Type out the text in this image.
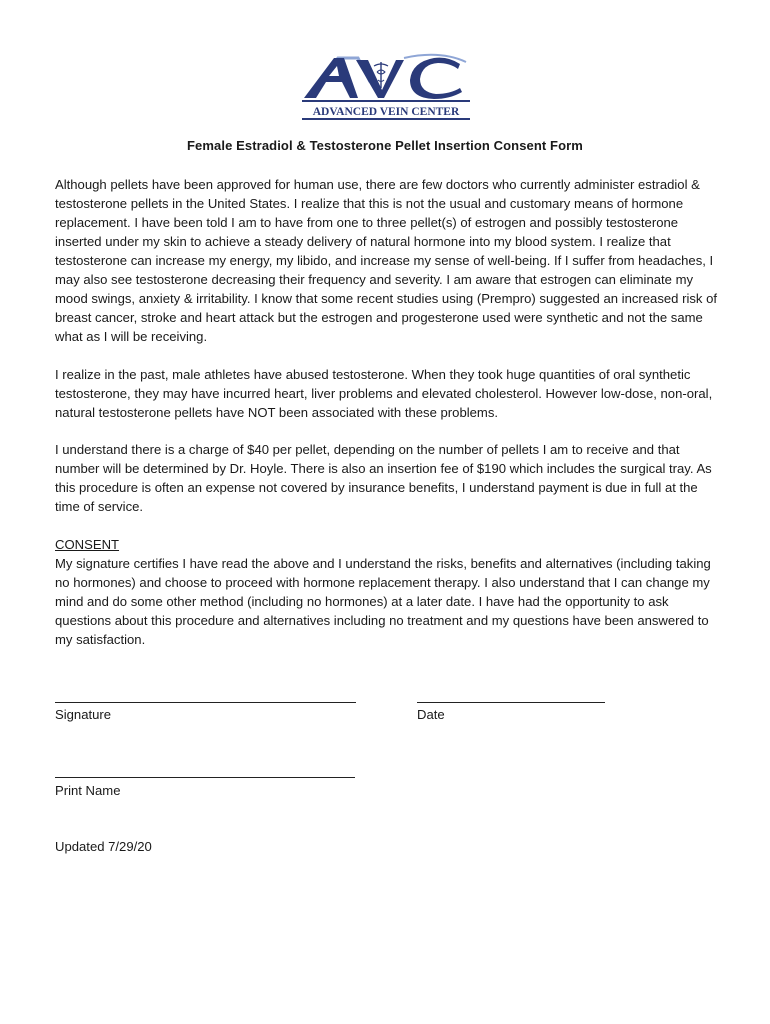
ADVANCED VEIN CENTER
Female Estradiol & Testosterone Pellet Insertion Consent Form

Although pellets have been approved for human use, there are few doctors who currently administer estradiol & testosterone pellets in the United States. I realize that this is not the usual and customary means of hormone replacement. I have been told I am to have from one to three pellet(s) of estrogen and possibly testosterone inserted under my skin to achieve a steady delivery of natural hormone into my blood system. I realize that testosterone can increase my energy, my libido, and increase my sense of well-being. If I suffer from headaches, I may also see testosterone decreasing their frequency and severity. I am aware that estrogen can eliminate my mood swings, anxiety & irritability. I know that some recent studies using (Prempro) suggested an increased risk of breast cancer, stroke and heart attack but the estrogen and progesterone used were synthetic and not the same what as I will be receiving.

I realize in the past, male athletes have abused testosterone. When they took huge quantities of oral synthetic testosterone, they may have incurred heart, liver problems and elevated cholesterol. However low-dose, non-oral, natural testosterone pellets have NOT been associated with these problems.

I understand there is a charge of $40 per pellet, depending on the number of pellets I am to receive and that number will be determined by Dr. Hoyle. There is also an insertion fee of $190 which includes the surgical tray. As this procedure is often an expense not covered by insurance benefits, I understand payment is due in full at the time of service.

CONSENT

My signature certifies I have read the above and I understand the risks, benefits and alternatives (including taking no hormones) and choose to proceed with hormone replacement therapy. I also understand that I can change my mind and do some other method (including no hormones) at a later date. I have had the opportunity to ask questions about this procedure and alternatives including no treatment and my questions have been answered to my satisfaction.

Signature	Date
Print Name
Updated 7/29/20
